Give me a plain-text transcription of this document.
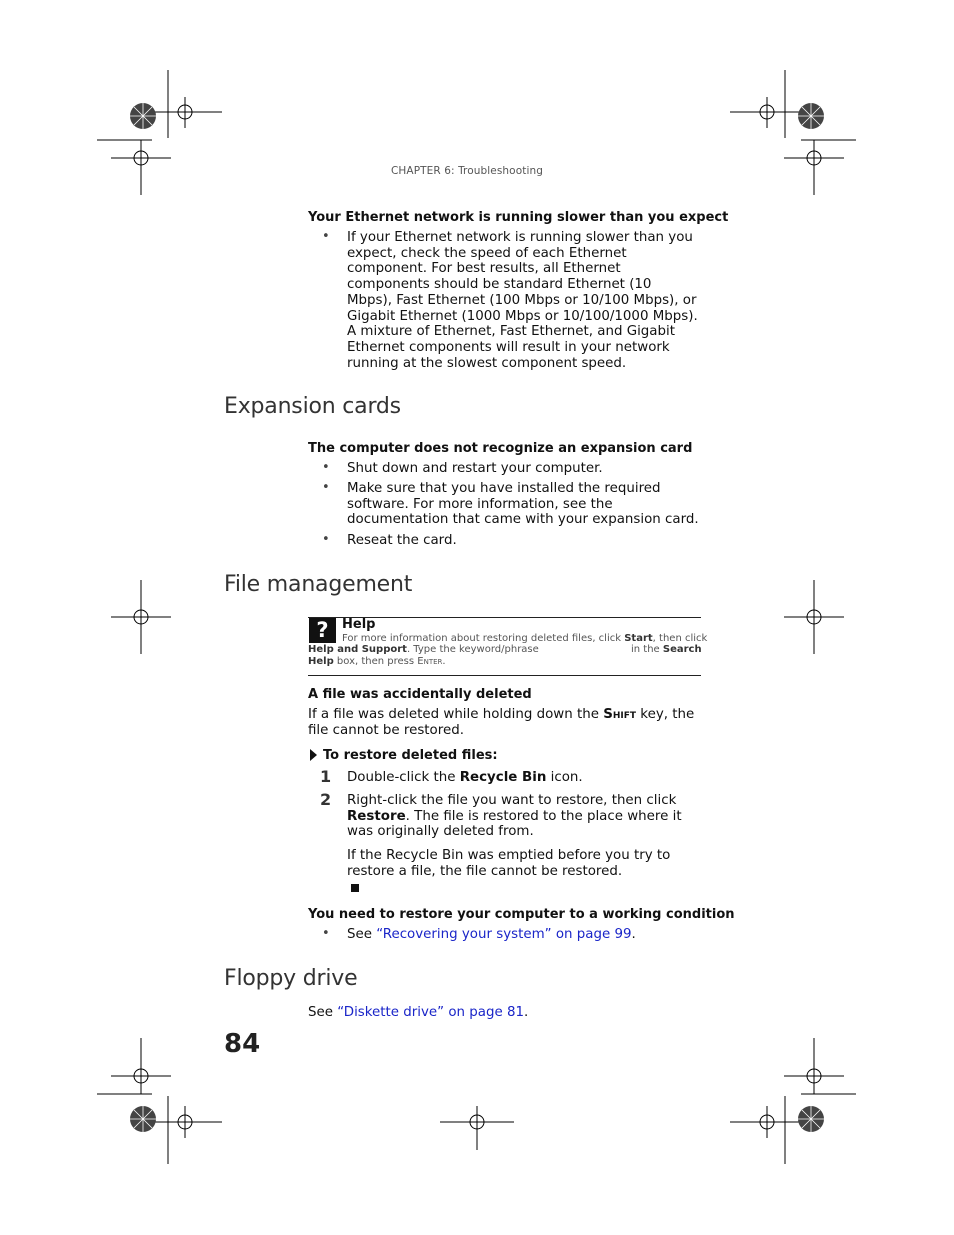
CHAPTER 6: Troubleshooting
Your Ethernet network is running slower than you expect
• If your Ethernet network is running slower than you expect, check the speed of each Ethernet component. For best results, all Ethernet components should be standard Ethernet (10 Mbps), Fast Ethernet (100 Mbps or 10/100 Mbps), or Gigabit Ethernet (1000 Mbps or 10/100/1000 Mbps). A mixture of Ethernet, Fast Ethernet, and Gigabit Ethernet components will result in your network running at the slowest component speed.
Expansion cards
The computer does not recognize an expansion card
• Shut down and restart your computer.
• Make sure that you have installed the required software. For more information, see the documentation that came with your expansion card.
• Reseat the card.
File management
?	Help
For more information about restoring deleted files, click Start, then click
Help and Support. Type the keyword/phrase	in the Search
Help box, then press Enter.
A file was accidentally deleted
If a file was deleted while holding down the Shift key, the file cannot be restored.
To restore deleted files:
1 Double-click the Recycle Bin icon.
2 Right-click the file you want to restore, then click Restore. The file is restored to the place where it was originally deleted from.
If the Recycle Bin was emptied before you try to restore a file, the file cannot be restored.
You need to restore your computer to a working condition
• See “Recovering your system” on page 99.
Floppy drive
See “Diskette drive” on page 81.
84
